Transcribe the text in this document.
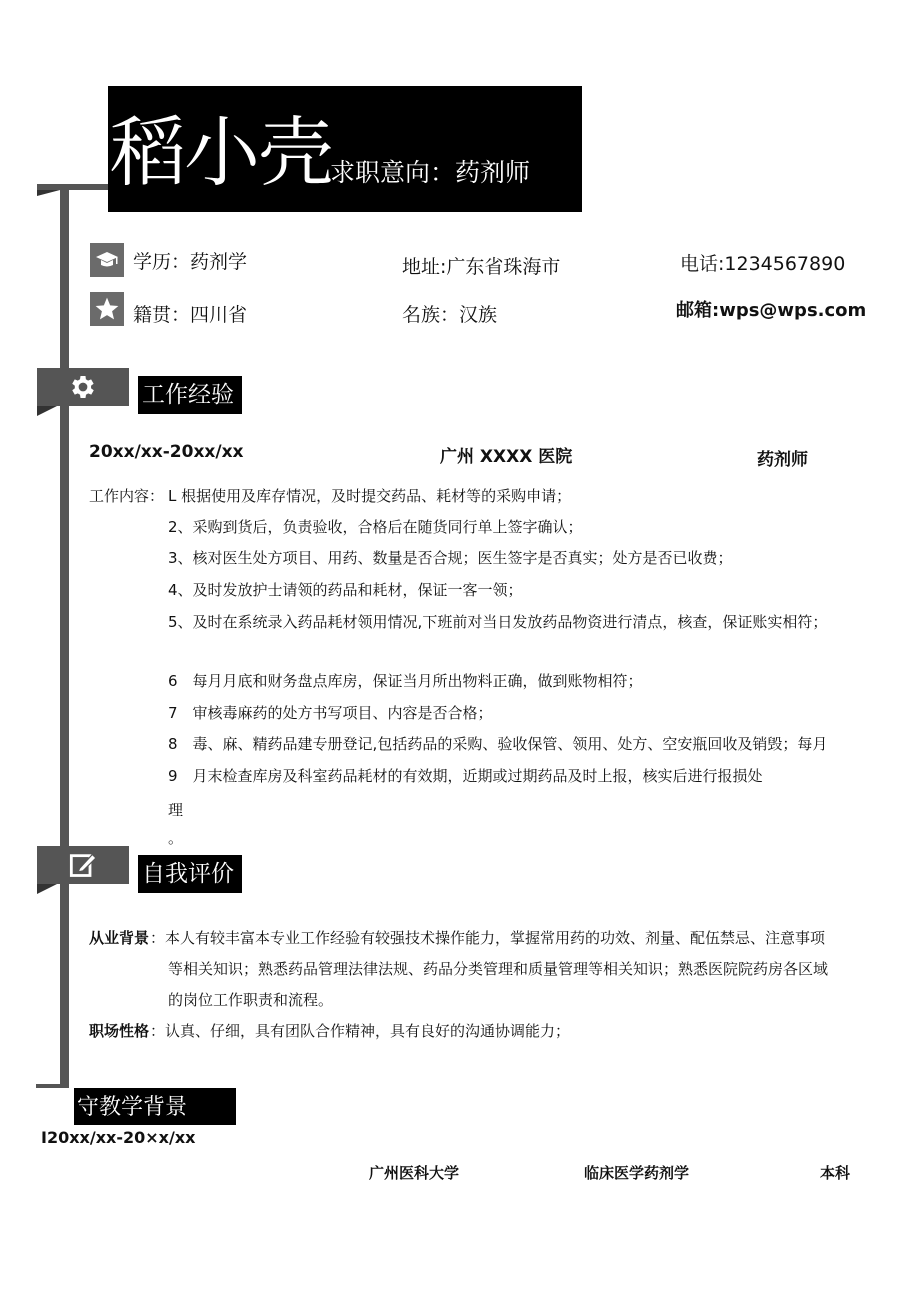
稻小壳
求职意向：药剂师
学历：药剂学	地址:广东省珠海市	电话:1234567890
籍贯：四川省	名族：汉族	邮箱:wps@wps.com
工作经验
20xx/xx-20xx/xx	广州 XXXX 医院	药剂师
工作内容： L 根据使用及库存情况，及时提交药品、耗材等的采购申请；
2、采购到货后，负责验收，合格后在随货同行单上签字确认；
3、核对医生处方项目、用药、数量是否合规；医生签字是否真实；处方是否已收费；
4、及时发放护士请领的药品和耗材，保证一客一领；
5、及时在系统录入药品耗材领用情况,下班前对当日发放药品物资进行清点，核查，保证账实相符；
6　每月月底和财务盘点库房，保证当月所出物料正确，做到账物相符；
7　审核毒麻药的处方书写项目、内容是否合格；
8　毒、麻、精药品建专册登记,包括药品的采购、验收保管、领用、处方、空安瓶回收及销毁；每月
9　月末检查库房及科室药品耗材的有效期，近期或过期药品及时上报，核实后进行报损处
理
。
自我评价
从业背景 ：本人有较丰富本专业工作经验有较强技术操作能力，掌握常用药的功效、剂量、配伍禁忌、注意事项
等相关知识；熟悉药品管理法律法规、药品分类管理和质量管理等相关知识；熟悉医院院药房各区域
的岗位工作职责和流程。
职场性格 ：认真、仔细，具有团队合作精神，具有良好的沟通协调能力；
守教学背景
I20xx/xx-20×x/xx
广州医科大学	临床医学药剂学	本科
